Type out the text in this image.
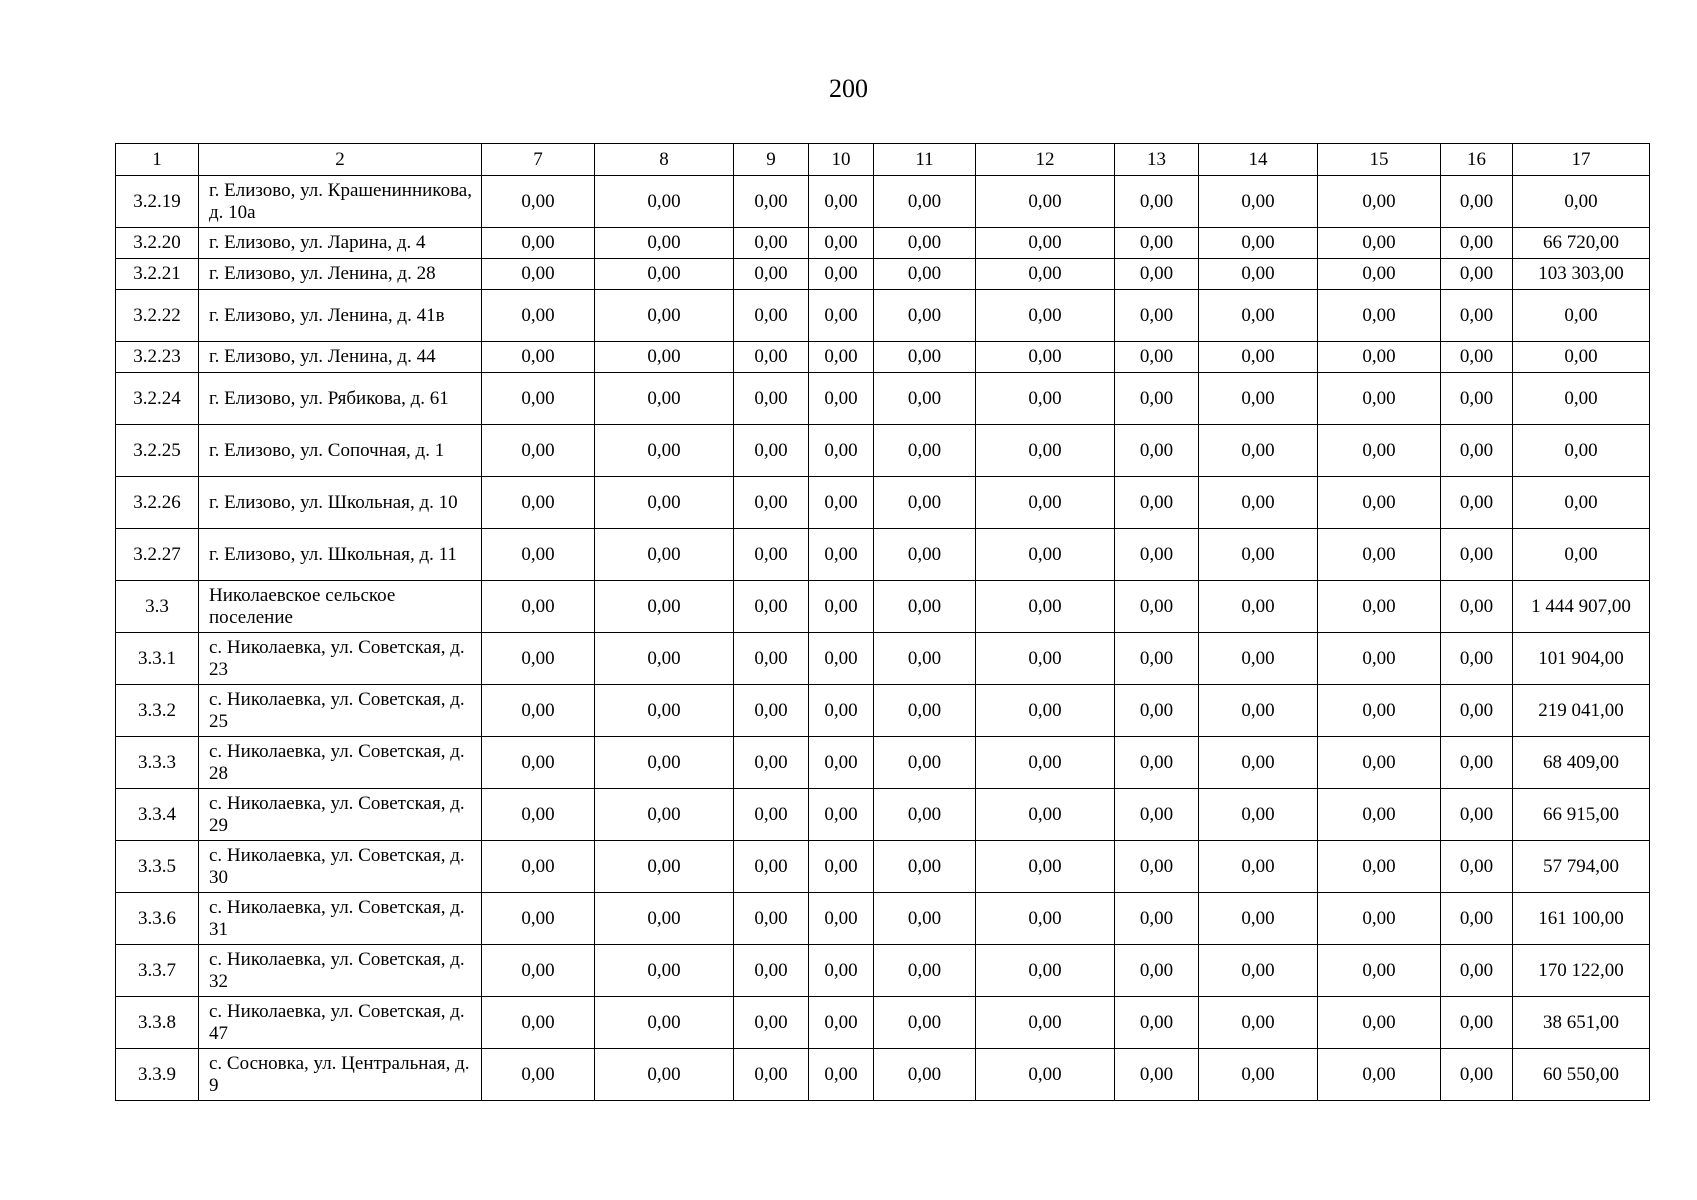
200
1	2	7	8	9	10	11	12	13	14	15	16	17
3.2.19	г. Елизово, ул. Крашенинникова, д. 10а	0,00	0,00	0,00	0,00	0,00	0,00	0,00	0,00	0,00	0,00	0,00
3.2.20	г. Елизово, ул. Ларина, д. 4	0,00	0,00	0,00	0,00	0,00	0,00	0,00	0,00	0,00	0,00	66 720,00
3.2.21	г. Елизово, ул. Ленина, д. 28	0,00	0,00	0,00	0,00	0,00	0,00	0,00	0,00	0,00	0,00	103 303,00
3.2.22	г. Елизово, ул. Ленина, д. 41в	0,00	0,00	0,00	0,00	0,00	0,00	0,00	0,00	0,00	0,00	0,00
3.2.23	г. Елизово, ул. Ленина, д. 44	0,00	0,00	0,00	0,00	0,00	0,00	0,00	0,00	0,00	0,00	0,00
3.2.24	г. Елизово, ул. Рябикова, д. 61	0,00	0,00	0,00	0,00	0,00	0,00	0,00	0,00	0,00	0,00	0,00
3.2.25	г. Елизово, ул. Сопочная, д. 1	0,00	0,00	0,00	0,00	0,00	0,00	0,00	0,00	0,00	0,00	0,00
3.2.26	г. Елизово, ул. Школьная, д. 10	0,00	0,00	0,00	0,00	0,00	0,00	0,00	0,00	0,00	0,00	0,00
3.2.27	г. Елизово, ул. Школьная, д. 11	0,00	0,00	0,00	0,00	0,00	0,00	0,00	0,00	0,00	0,00	0,00
3.3	Николаевское сельское поселение	0,00	0,00	0,00	0,00	0,00	0,00	0,00	0,00	0,00	0,00	1 444 907,00
3.3.1	с. Николаевка, ул. Советская, д. 23	0,00	0,00	0,00	0,00	0,00	0,00	0,00	0,00	0,00	0,00	101 904,00
3.3.2	с. Николаевка, ул. Советская, д. 25	0,00	0,00	0,00	0,00	0,00	0,00	0,00	0,00	0,00	0,00	219 041,00
3.3.3	с. Николаевка, ул. Советская, д. 28	0,00	0,00	0,00	0,00	0,00	0,00	0,00	0,00	0,00	0,00	68 409,00
3.3.4	с. Николаевка, ул. Советская, д. 29	0,00	0,00	0,00	0,00	0,00	0,00	0,00	0,00	0,00	0,00	66 915,00
3.3.5	с. Николаевка, ул. Советская, д. 30	0,00	0,00	0,00	0,00	0,00	0,00	0,00	0,00	0,00	0,00	57 794,00
3.3.6	с. Николаевка, ул. Советская, д. 31	0,00	0,00	0,00	0,00	0,00	0,00	0,00	0,00	0,00	0,00	161 100,00
3.3.7	с. Николаевка, ул. Советская, д. 32	0,00	0,00	0,00	0,00	0,00	0,00	0,00	0,00	0,00	0,00	170 122,00
3.3.8	с. Николаевка, ул. Советская, д. 47	0,00	0,00	0,00	0,00	0,00	0,00	0,00	0,00	0,00	0,00	38 651,00
3.3.9	с. Сосновка, ул. Центральная, д. 9	0,00	0,00	0,00	0,00	0,00	0,00	0,00	0,00	0,00	0,00	60 550,00
